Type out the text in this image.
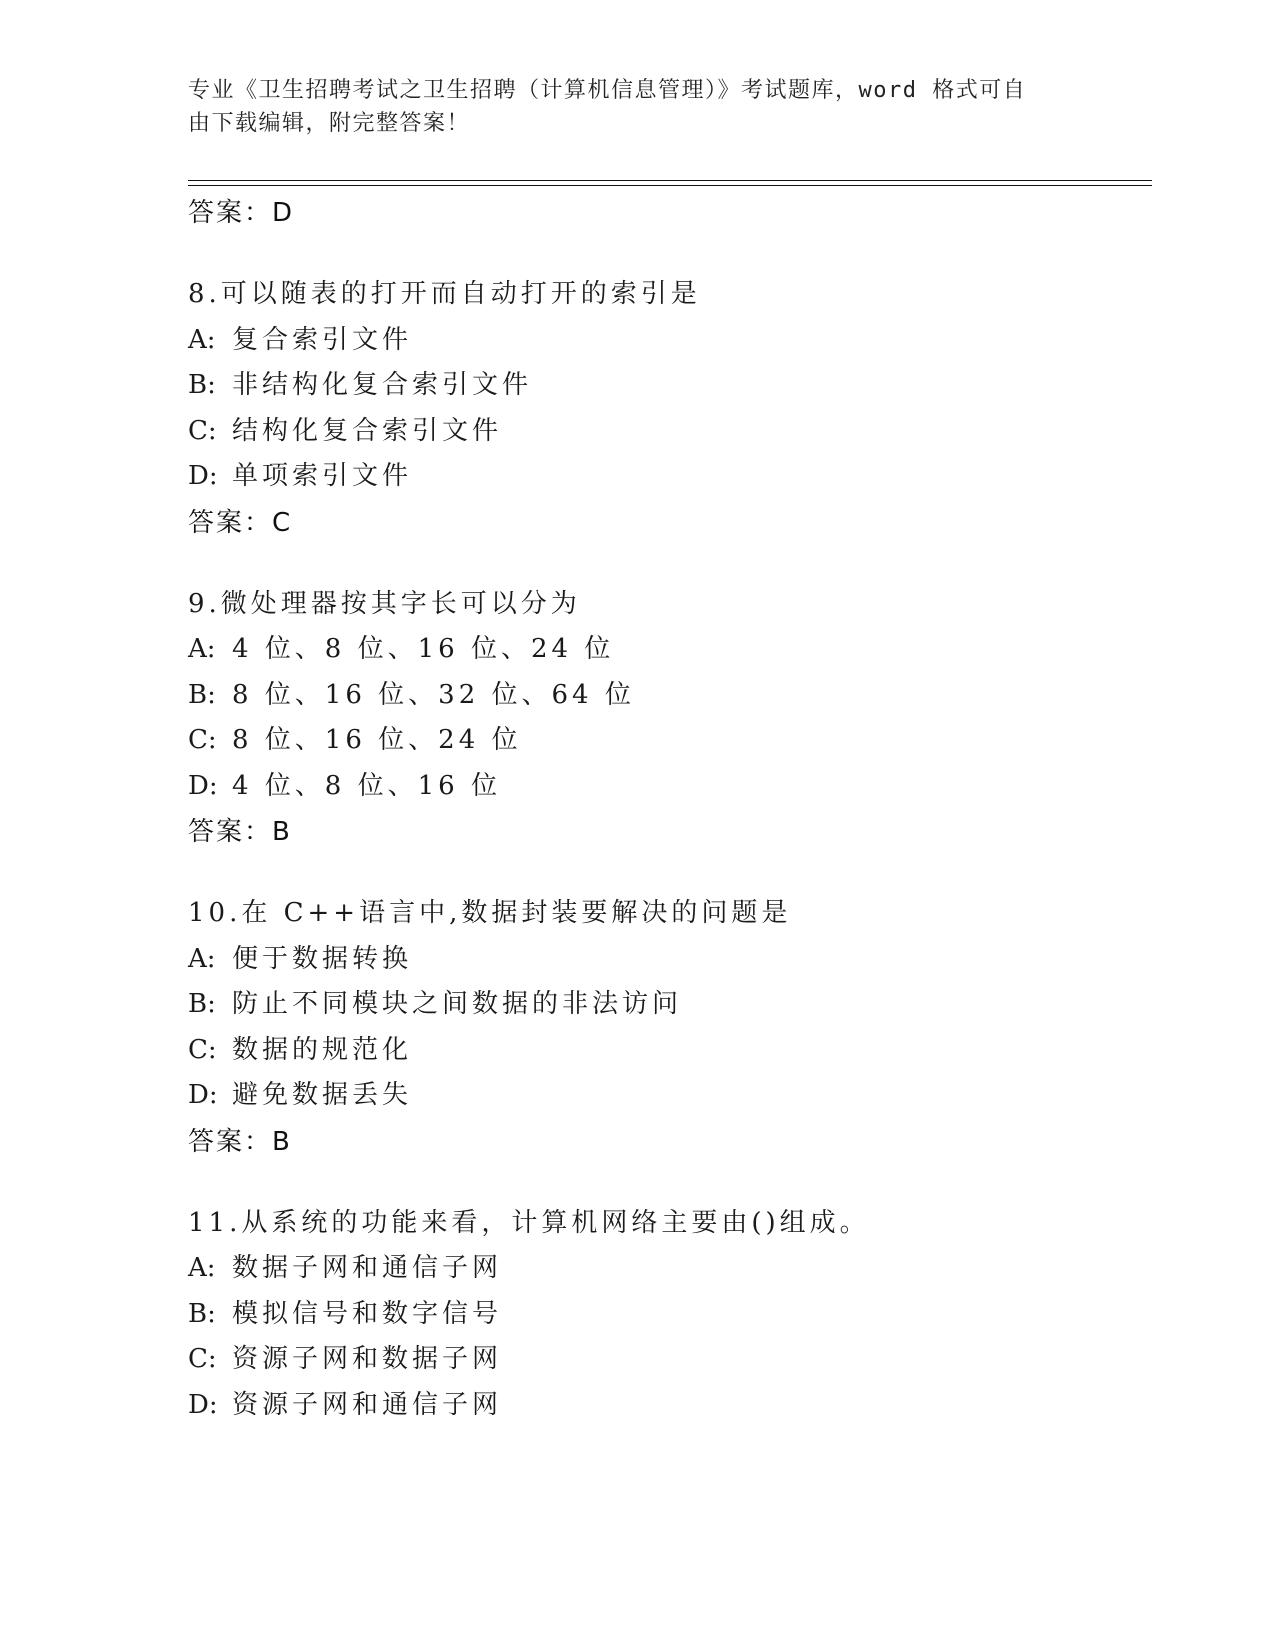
专业《卫生招聘考试之卫生招聘（计算机信息管理）》考试题库，word 格式可自
由下载编辑，附完整答案！
答案：D
8.可以随表的打开而自动打开的索引是
A: 复合索引文件
B: 非结构化复合索引文件
C: 结构化复合索引文件
D: 单项索引文件
答案：C
9.微处理器按其字长可以分为
A: 4 位、8 位、16 位、24 位
B: 8 位、16 位、32 位、64 位
C: 8 位、16 位、24 位
D: 4 位、8 位、16 位
答案：B
10.在 C++语言中,数据封装要解决的问题是
A: 便于数据转换
B: 防止不同模块之间数据的非法访问
C: 数据的规范化
D: 避免数据丢失
答案：B
11.从系统的功能来看，计算机网络主要由()组成。
A: 数据子网和通信子网
B: 模拟信号和数字信号
C: 资源子网和数据子网
D: 资源子网和通信子网
